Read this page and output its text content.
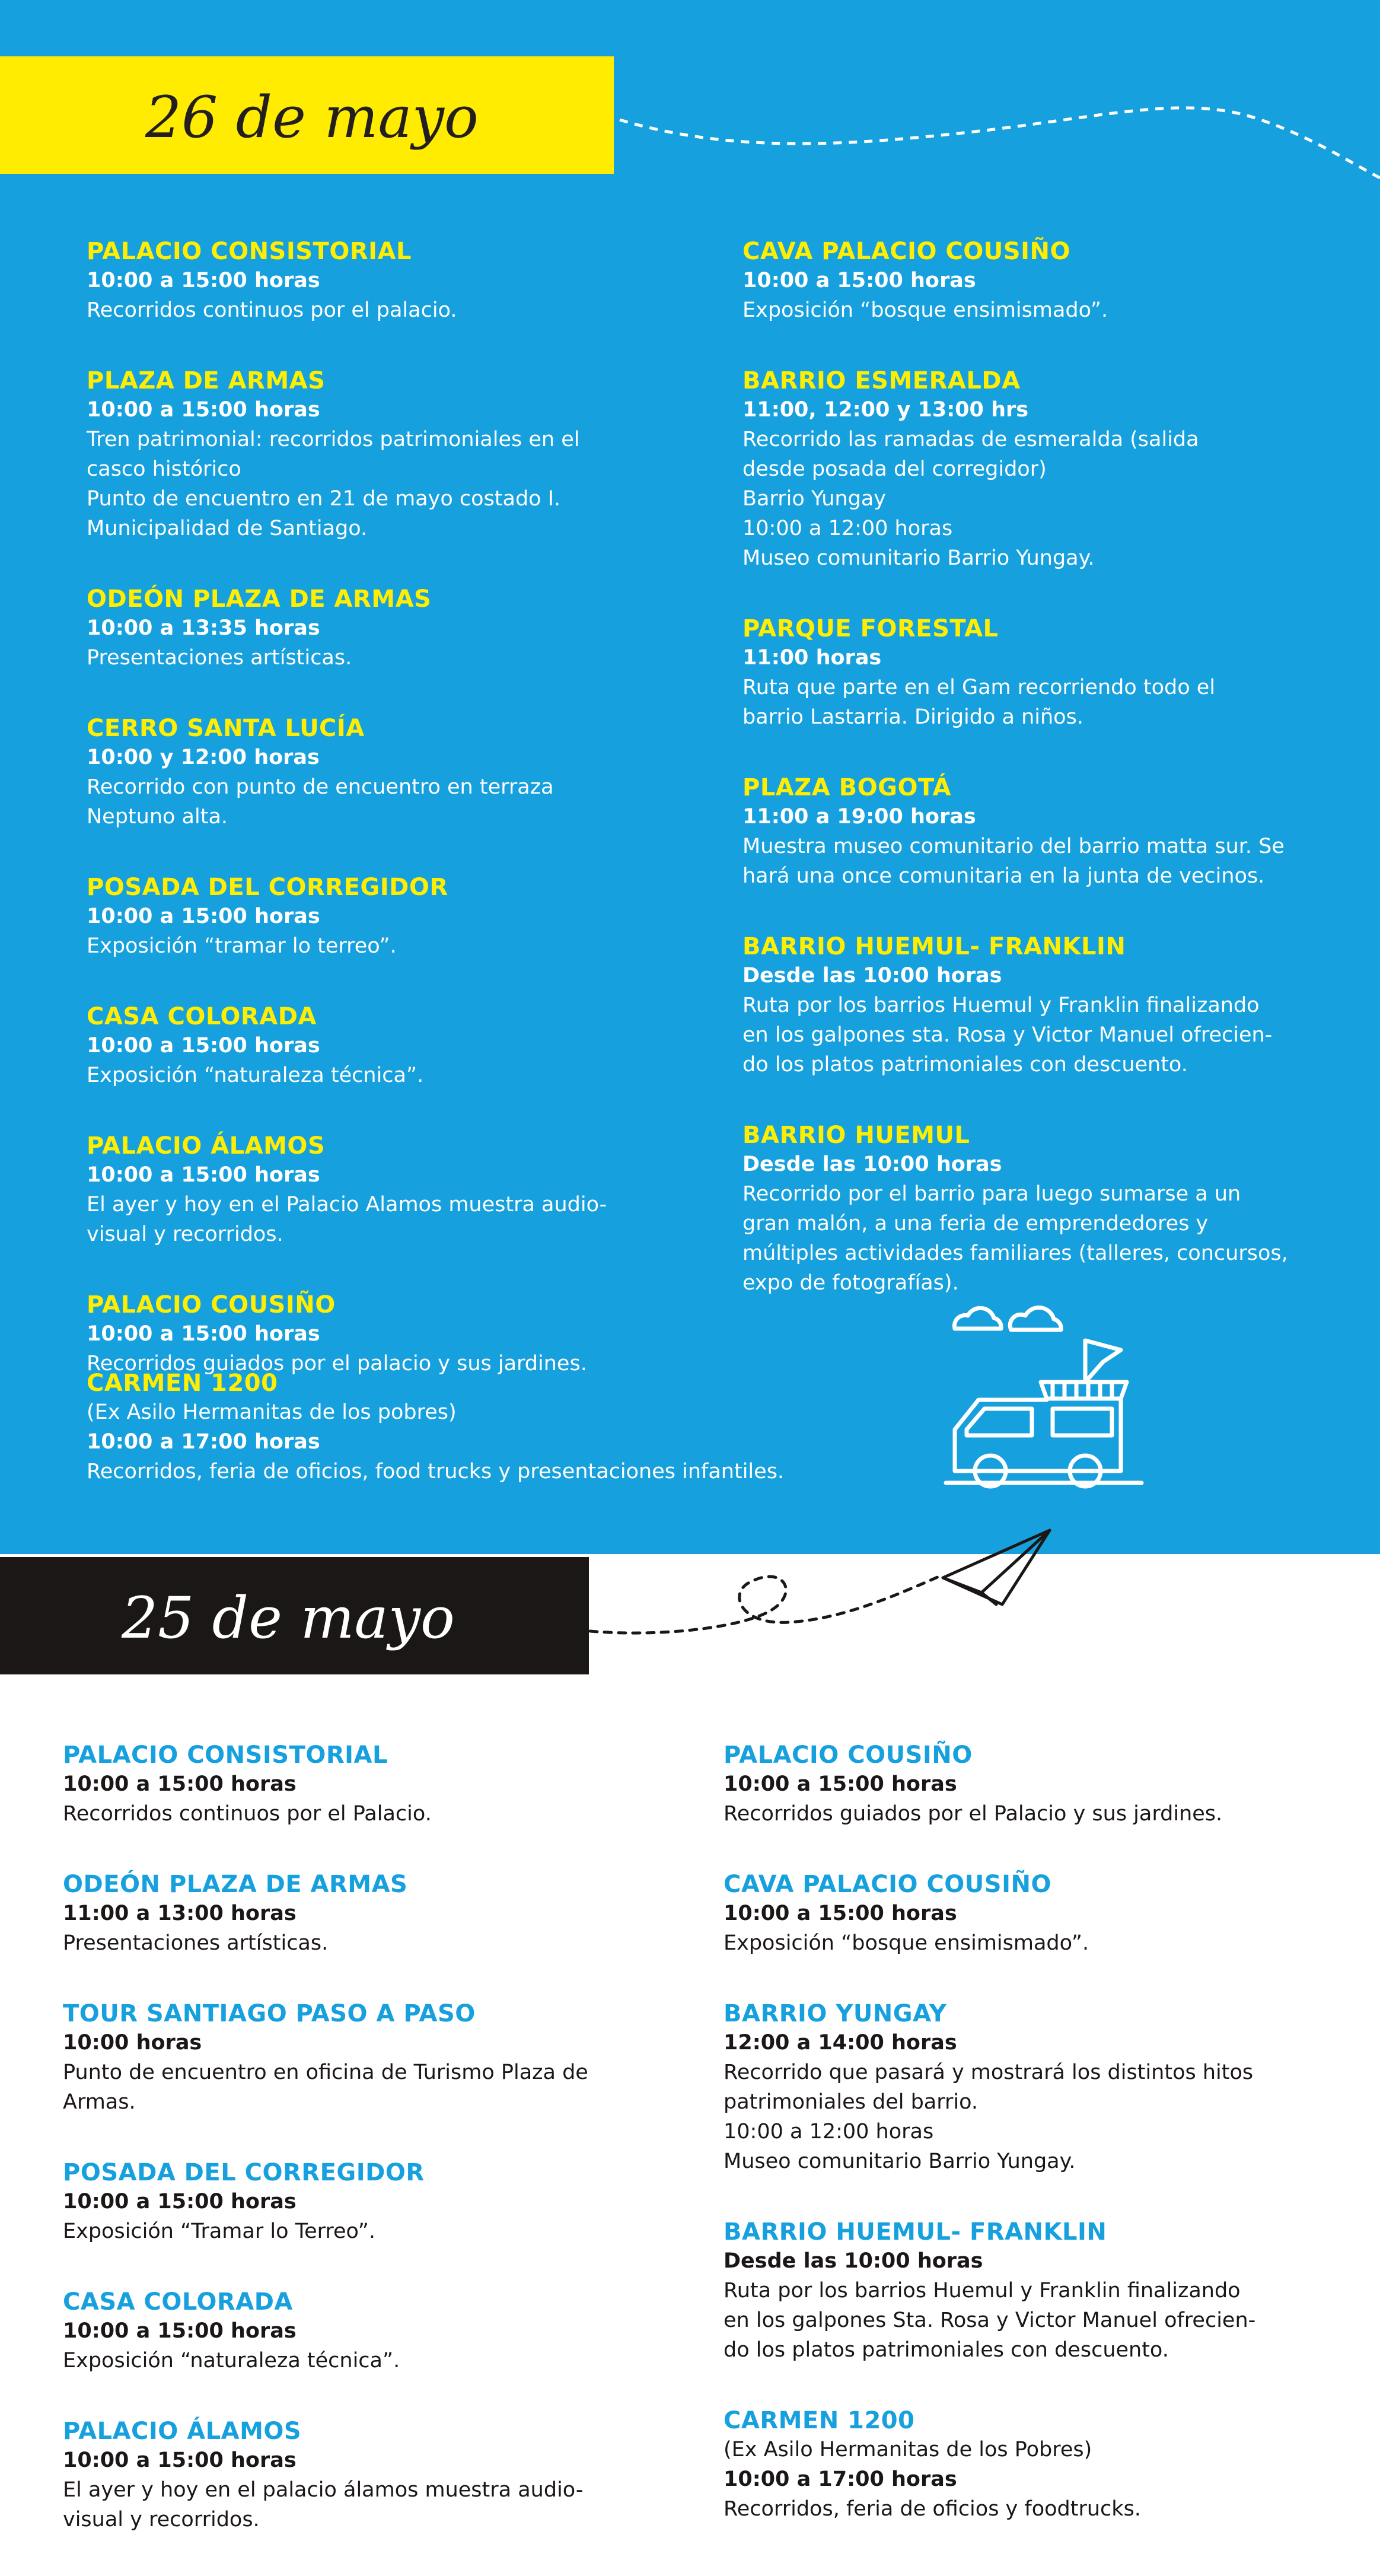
26 de mayo
PALACIO CONSISTORIAL
10:00 a 15:00 horas
Recorridos continuos por el palacio.
PLAZA DE ARMAS
10:00 a 15:00 horas
Tren patrimonial: recorridos patrimoniales en el
casco histórico
Punto de encuentro en 21 de mayo costado I.
Municipalidad de Santiago.
ODEÓN PLAZA DE ARMAS
10:00 a 13:35 horas
Presentaciones artísticas.
CERRO SANTA LUCÍA
10:00 y 12:00 horas
Recorrido con punto de encuentro en terraza
Neptuno alta.
POSADA DEL CORREGIDOR
10:00 a 15:00 horas
Exposición “tramar lo terreo”.
CASA COLORADA
10:00 a 15:00 horas
Exposición “naturaleza técnica”.
PALACIO ÁLAMOS
10:00 a 15:00 horas
El ayer y hoy en el Palacio Alamos muestra audio-
visual y recorridos.
PALACIO COUSIÑO
10:00 a 15:00 horas
Recorridos guiados por el palacio y sus jardines.
CAVA PALACIO COUSIÑO
10:00 a 15:00 horas
Exposición “bosque ensimismado”.
BARRIO ESMERALDA
11:00, 12:00 y 13:00 hrs
Recorrido las ramadas de esmeralda (salida
desde posada del corregidor)
Barrio Yungay
10:00 a 12:00 horas
Museo comunitario Barrio Yungay.
PARQUE FORESTAL
11:00 horas
Ruta que parte en el Gam recorriendo todo el
barrio Lastarria. Dirigido a niños.
PLAZA BOGOTÁ
11:00 a 19:00 horas
Muestra museo comunitario del barrio matta sur. Se
hará una once comunitaria en la junta de vecinos.
BARRIO HUEMUL- FRANKLIN
Desde las 10:00 horas
Ruta por los barrios Huemul y Franklin finalizando
en los galpones sta. Rosa y Victor Manuel ofrecien-
do los platos patrimoniales con descuento.
BARRIO HUEMUL
Desde las 10:00 horas
Recorrido por el barrio para luego sumarse a un
gran malón, a una feria de emprendedores y
múltiples actividades familiares (talleres, concursos,
expo de fotografías).
CARMEN 1200
(Ex Asilo Hermanitas de los pobres)
10:00 a 17:00 horas
Recorridos, feria de oficios, food trucks y presentaciones infantiles.
25 de mayo
PALACIO CONSISTORIAL
10:00 a 15:00 horas
Recorridos continuos por el Palacio.
ODEÓN PLAZA DE ARMAS
11:00 a 13:00 horas
Presentaciones artísticas.
TOUR SANTIAGO PASO A PASO
10:00 horas
Punto de encuentro en oficina de Turismo Plaza de
Armas.
POSADA DEL CORREGIDOR
10:00 a 15:00 horas
Exposición “Tramar lo Terreo”.
CASA COLORADA
10:00 a 15:00 horas
Exposición “naturaleza técnica”.
PALACIO ÁLAMOS
10:00 a 15:00 horas
El ayer y hoy en el palacio álamos muestra audio-
visual y recorridos.
PALACIO COUSIÑO
10:00 a 15:00 horas
Recorridos guiados por el Palacio y sus jardines.
CAVA PALACIO COUSIÑO
10:00 a 15:00 horas
Exposición “bosque ensimismado”.
BARRIO YUNGAY
12:00 a 14:00 horas
Recorrido que pasará y mostrará los distintos hitos
patrimoniales del barrio.
10:00 a 12:00 horas
Museo comunitario Barrio Yungay.
BARRIO HUEMUL- FRANKLIN
Desde las 10:00 horas
Ruta por los barrios Huemul y Franklin finalizando
en los galpones Sta. Rosa y Victor Manuel ofrecien-
do los platos patrimoniales con descuento.
CARMEN 1200
(Ex Asilo Hermanitas de los Pobres)
10:00 a 17:00 horas
Recorridos, feria de oficios y foodtrucks.
